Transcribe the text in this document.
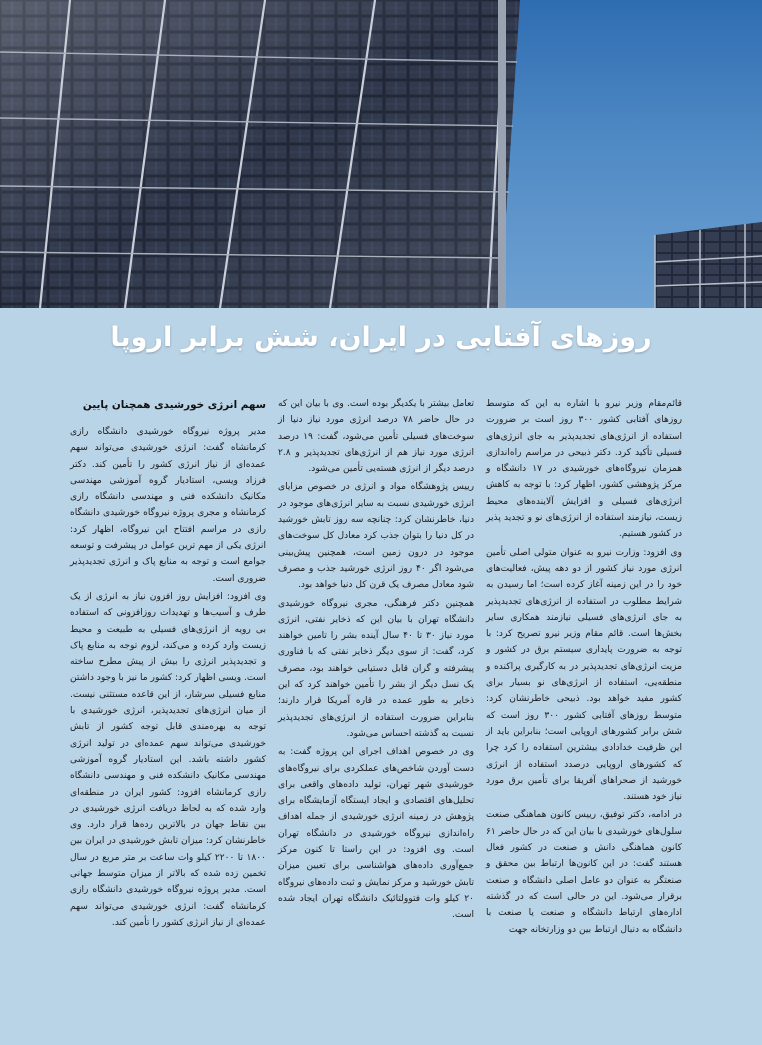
روزهای آفتابی در ایران، شش برابر اروپا

قائم‌مقام وزیر نیرو با اشاره به این که متوسط روزهای آفتابی کشور ۳۰۰ روز است بر ضرورت استفاده از انرژی‌های تجدیدپذیر به جای انرژی‌های فسیلی تأکید کرد. دکتر ذبیحی در مراسم راه‌اندازی همزمان نیروگاه‌های خورشیدی در ۱۷ دانشگاه و مرکز پژوهشی کشور، اظهار کرد: با توجه به کاهش انرژی‌های فسیلی و افزایش آلاینده‌های محیط زیست، نیازمند استفاده از انرژی‌های نو و تجدید پذیر در کشور هستیم.

وی افزود: وزارت نیرو به عنوان متولی اصلی تأمین انرژی مورد نیاز کشور از دو دهه پیش، فعالیت‌های خود را در این زمینه آغاز کرده است؛ اما رسیدن به شرایط مطلوب در استفاده از انرژی‌های تجدیدپذیر به جای انرژی‌های فسیلی نیازمند همکاری سایر بخش‌ها است. قائم مقام وزیر نیرو تصریح کرد: با توجه به ضرورت پایداری سیستم برق در کشور و مزیت انرژی‌های تجدیدپذیر در به کارگیری پراکنده و منطقه‌یی، استفاده از انرژی‌های نو بسیار برای کشور مفید خواهد بود. ذبیحی خاطرنشان کرد: متوسط روزهای آفتابی کشور ۳۰۰ روز است که شش برابر کشورهای اروپایی است؛ بنابراین باید از این ظرفیت خدادادی بیشترین استفاده را کرد چرا که کشورهای اروپایی درصدد استفاده از انرژی خورشید از صحراهای آفریقا برای تأمین برق مورد نیاز خود هستند.

در ادامه، دکتر توفیق، رییس کانون هماهنگی صنعت سلول‌های خورشیدی با بیان این که در حال حاضر ۶۱ کانون هماهنگی دانش و صنعت در کشور فعال هستند گفت: در این کانون‌ها ارتباط بین محقق و صنعتگر به عنوان دو عامل اصلی دانشگاه و صنعت برقرار می‌شود. این در حالی است که در گذشته اداره‌های ارتباط دانشگاه و صنعت یا صنعت با دانشگاه به دنبال ارتباط بین دو وزارتخانه جهت

تعامل بیشتر با یکدیگر بوده است. وی با بیان این که در حال حاضر ۷۸ درصد انرژی مورد نیاز دنیا از سوخت‌های فسیلی تأمین می‌شود، گفت: ۱۹ درصد انرژی مورد نیاز هم از انرژی‌های تجدیدپذیر و ۲.۸ درصد دیگر از انرژی هسته‌یی تأمین می‌شود.

رییس پژوهشگاه مواد و انرژی در خصوص مزایای انرژی خورشیدی نسبت به سایر انرژی‌های موجود در دنیا، خاطرنشان کرد: چنانچه سه روز تابش خورشید در کل دنیا را بتوان جذب کرد معادل کل سوخت‌های موجود در درون زمین است، همچنین پیش‌بینی می‌شود اگر ۴۰ روز انرژی خورشید جذب و مصرف شود معادل مصرف یک قرن کل دنیا خواهد بود.

همچنین دکتر فرهنگی، مجری نیروگاه خورشیدی دانشگاه تهران با بیان این که ذخایر نفتی، انرژی مورد نیاز ۳۰ تا ۴۰ سال آینده بشر را تامین خواهند کرد، گفت: از سوی دیگر ذخایر نفتی که با فناوری پیشرفته و گران قابل دستیابی خواهند بود، مصرف یک نسل دیگر از بشر را تأمین خواهند کرد که این ذخایر به طور عمده در قاره آمریکا قرار دارند؛ بنابراین ضرورت استفاده از انرژی‌های تجدیدپذیر نسبت به گذشته احساس می‌شود.

وی در خصوص اهداف اجرای این پروژه گفت: به دست آوردن شاخص‌های عملکردی برای نیروگاه‌های خورشیدی شهر تهران، تولید داده‌های واقعی برای تحلیل‌های اقتصادی و ایجاد ایستگاه آزمایشگاه برای پژوهش در زمینه انرژی خورشیدی از جمله اهداف راه‌اندازی نیروگاه خورشیدی در دانشگاه تهران است. وی افزود: در این راستا تا کنون مرکز جمع‌آوری داده‌های هواشناسی برای تعیین میزان تابش خورشید و مرکز نمایش و ثبت داده‌های نیروگاه ۲۰ کیلو وات فتوولتائیک دانشگاه تهران ایجاد شده است.

سهم انرژی خورشیدی همچنان پایین

مدیر پروژه نیروگاه خورشیدی دانشگاه رازی کرمانشاه گفت: انرژی خورشیدی می‌تواند سهم عمده‌ای از نیاز انرژی کشور را تأمین کند. دکتر فرزاد ویسی، استادیار گروه آموزشی مهندسی مکانیک دانشکده فنی و مهندسی دانشگاه رازی کرمانشاه و مجری پروژه نیروگاه خورشیدی دانشگاه رازی در مراسم افتتاح این نیروگاه، اظهار کرد: انرژی یکی از مهم ترین عوامل در پیشرفت و توسعه جوامع است و توجه به منابع پاک و انرژی تجدیدپذیر ضروری است.

وی افزود: افزایش روز افزون نیاز به انرژی از یک طرف و آسیب‌ها و تهدیدات روزافزونی که استفاده بی رویه از انرژی‌های فسیلی به طبیعت و محیط زیست وارد کرده و می‌کند، لزوم توجه به منابع پاک و تجدیدپذیر انرژی را بیش از پیش مطرح ساخته است. ویسی اظهار کرد: کشور ما نیز با وجود داشتن منابع فسیلی سرشار، از این قاعده مستثنی نیست. از میان انرژی‌های تجدیدپذیر، انرژی خورشیدی با توجه به بهره‌مندی قابل توجه کشور از تابش خورشیدی می‌تواند سهم عمده‌ای در تولید انرژی کشور داشته باشد. این استادیار گروه آموزشی مهندسی مکانیک دانشکده فنی و مهندسی دانشگاه رازی کرمانشاه افزود: کشور ایران در منطقه‌ای وارد شده که به لحاظ دریافت انرژی خورشیدی در بین نقاط جهان در بالاترین رده‌ها قرار دارد. وی خاطرنشان کرد: میزان تابش خورشیدی در ایران بین ۱۸۰۰ تا ۲۲۰۰ کیلو وات ساعت بر متر مربع در سال تخمین زده شده که بالاتر از میزان متوسط جهانی است. مدیر پروژه نیروگاه خورشیدی دانشگاه رازی کرمانشاه گفت: انرژی خورشیدی می‌تواند سهم عمده‌ای از نیاز انرژی کشور را تأمین کند.
